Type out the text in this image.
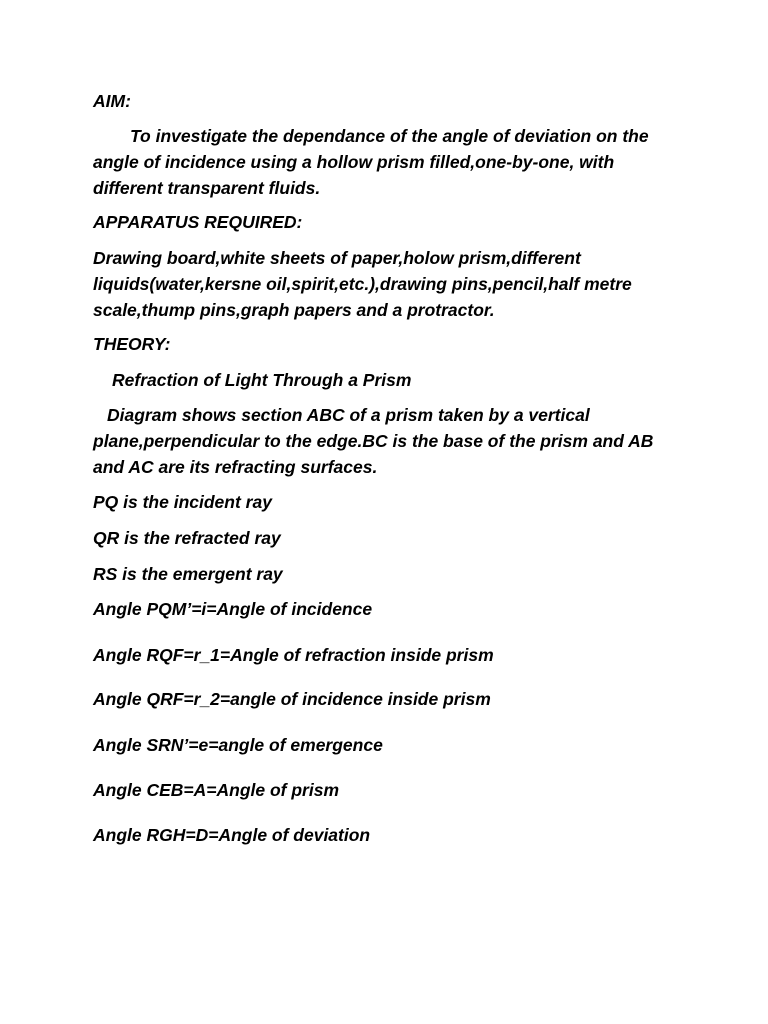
AIM:

To investigate the dependance of the angle of deviation on the angle of incidence using a hollow prism filled,one-by-one, with different transparent fluids.

APPARATUS REQUIRED:

Drawing board,white sheets of paper,holow prism,different liquids(water,kersne oil,spirit,etc.),drawing pins,pencil,half metre scale,thump pins,graph papers and a protractor.

THEORY:

Refraction of Light Through a Prism

Diagram shows section ABC of a prism taken by a vertical plane,perpendicular to the edge.BC is the base of the prism and AB and AC are its refracting surfaces.

PQ is the incident ray

QR is the refracted ray

RS is the emergent ray

Angle PQM’=i=Angle of incidence

Angle RQF=r_1=Angle of refraction inside prism

Angle QRF=r_2=angle of incidence inside prism

Angle SRN’=e=angle of emergence

Angle CEB=A=Angle of prism

Angle RGH=D=Angle of deviation
